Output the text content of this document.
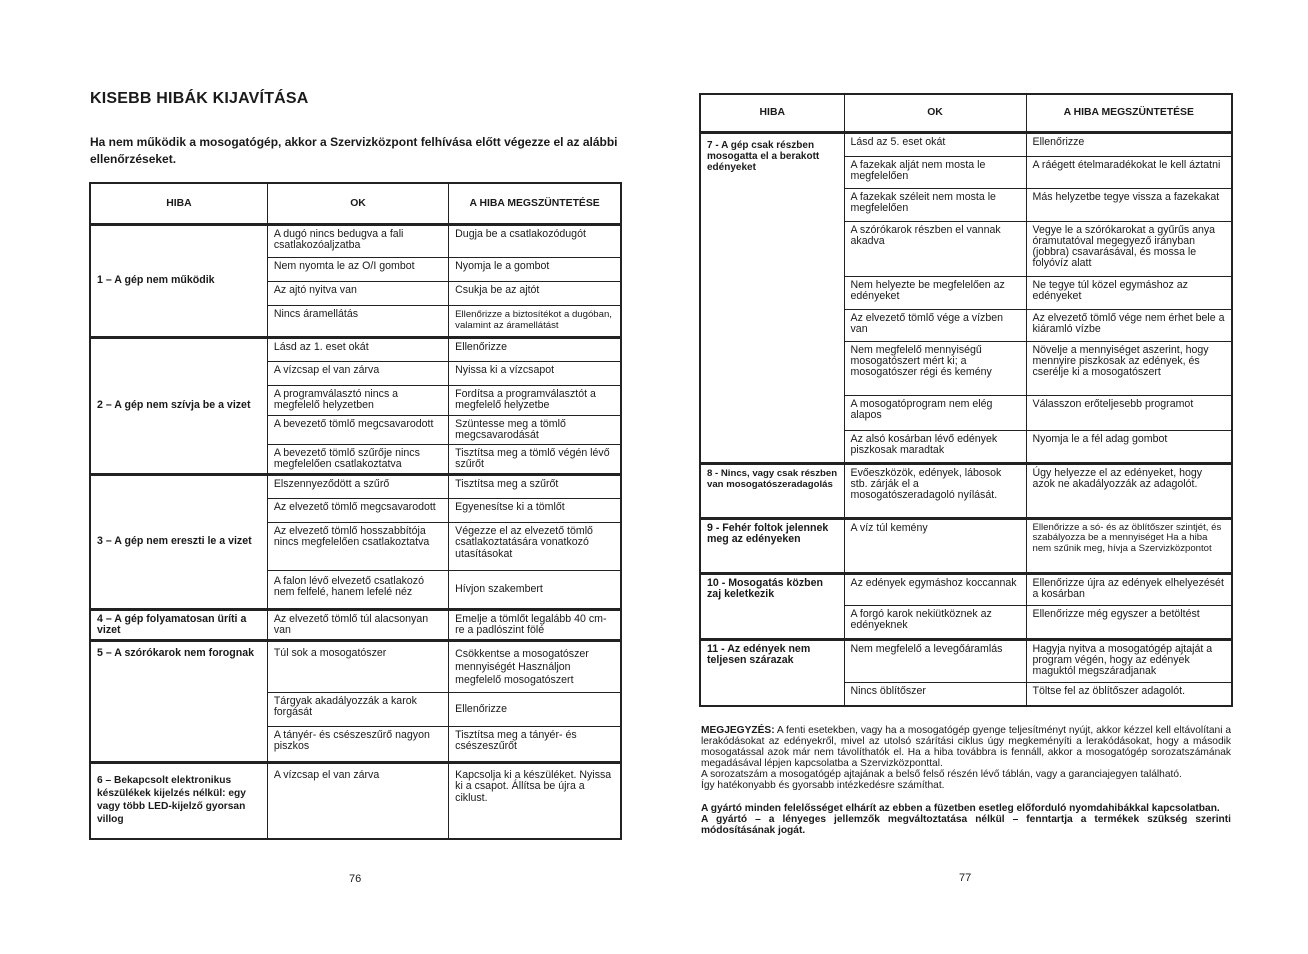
KISEBB HIBÁK KIJAVÍTÁSA

Ha nem működik a mosogatógép, akkor a Szervizközpont felhívása előtt végezze el az alábbi ellenőrzéseket.

HIBA	OK	A HIBA MEGSZÜNTETÉSE
1 – A gép nem működik	A dugó nincs bedugva a fali csatlakozóaljzatba	Dugja be a csatlakozódugót
	Nem nyomta le az O/I gombot	Nyomja le a gombot
	Az ajtó nyitva van	Csukja be az ajtót
	Nincs áramellátás	Ellenőrizze a biztosítékot a dugóban, valamint az áramellátást
2 – A gép nem szívja be a vizet	Lásd az 1. eset okát	Ellenőrizze
	A vízcsap el van zárva	Nyissa ki a vízcsapot
	A programválasztó nincs a megfelelő helyzetben	Fordítsa a programválasztót a megfelelő helyzetbe
	A bevezető tömlő megcsavarodott	Szüntesse meg a tömlő megcsavarodását
	A bevezető tömlő szűrője nincs megfelelően csatlakoztatva	Tisztítsa meg a tömlő végén lévő szűrőt
3 – A gép nem ereszti le a vizet	Elszennyeződött a szűrő	Tisztítsa meg a szűrőt
	Az elvezető tömlő megcsavarodott	Egyenesítse ki a tömlőt
	Az elvezető tömlő hosszabbítója nincs megfelelően csatlakoztatva	Végezze el az elvezető tömlő csatlakoztatására vonatkozó utasításokat
	A falon lévő elvezető csatlakozó nem felfelé, hanem lefelé néz	Hívjon szakembert
4 – A gép folyamatosan üríti a vizet	Az elvezető tömlő túl alacsonyan van	Emelje a tömlőt legalább 40 cm-re a padlószint fölé
5 – A szórókarok nem forognak	Túl sok a mosogatószer	Csökkentse a mosogatószer mennyiségét Használjon megfelelő mosogatószert
	Tárgyak akadályozzák a karok forgását	Ellenőrizze
	A tányér- és csészeszűrő nagyon piszkos	Tisztítsa meg a tányér- és csészeszűrőt
6 – Bekapcsolt elektronikus készülékek kijelzés nélkül: egy vagy több LED-kijelző gyorsan villog	A vízcsap el van zárva	Kapcsolja ki a készüléket. Nyissa ki a csapot. Állítsa be újra a ciklust.
76
HIBA	OK	A HIBA MEGSZÜNTETÉSE
7 - A gép csak részben mosogatta el a berakott edényeket	Lásd az 5. eset okát	Ellenőrizze
	A fazekak alját nem mosta le megfelelően	A ráégett ételmaradékokat le kell áztatni
	A fazekak széleit nem mosta le megfelelően	Más helyzetbe tegye vissza a fazekakat
	A szórókarok részben el vannak akadva	Vegye le a szórókarokat a gyűrűs anya óramutatóval megegyező irányban (jobbra) csavarásával, és mossa le folyóvíz alatt
	Nem helyezte be megfelelően az edényeket	Ne tegye túl közel egymáshoz az edényeket
	Az elvezető tömlő vége a vízben van	Az elvezető tömlő vége nem érhet bele a kiáramló vízbe
	Nem megfelelő mennyiségű mosogatószert mért ki; a mosogatószer régi és kemény	Növelje a mennyiséget aszerint, hogy mennyire piszkosak az edények, és cserélje ki a mosogatószert
	A mosogatóprogram nem elég alapos	Válasszon erőteljesebb programot
	Az alsó kosárban lévő edények piszkosak maradtak	Nyomja le a fél adag gombot
8 - Nincs, vagy csak részben van mosogatószeradagolás	Evőeszközök, edények, lábosok stb. zárják el a mosogatószeradagoló nyílását.	Úgy helyezze el az edényeket, hogy azok ne akadályozzák az adagolót.
9 - Fehér foltok jelennek meg az edényeken	A víz túl kemény	Ellenőrizze a só- és az öblítőszer szintjét, és szabályozza be a mennyiséget Ha a hiba nem szűnik meg, hívja a Szervizközpontot
10 - Mosogatás közben zaj keletkezik	Az edények egymáshoz koccannak	Ellenőrizze újra az edények elhelyezését a kosárban
	A forgó karok nekiütköznek az edényeknek	Ellenőrizze még egyszer a betöltést
11 - Az edények nem teljesen szárazak	Nem megfelelő a levegőáramlás	Hagyja nyitva a mosogatógép ajtaját a program végén, hogy az edények maguktól megszáradjanak
	Nincs öblítőszer	Töltse fel az öblítőszer adagolót.

MEGJEGYZÉS: A fenti esetekben, vagy ha a mosogatógép gyenge teljesítményt nyújt, akkor kézzel kell eltávolítani a lerakódásokat az edényekről, mivel az utolsó szárítási ciklus úgy megkeményíti a lerakódásokat, hogy a második mosogatással azok már nem távolíthatók el. Ha a hiba továbbra is fennáll, akkor a mosogatógép sorozatszámának megadásával lépjen kapcsolatba a Szervizközponttal.

A sorozatszám a mosogatógép ajtajának a belső felső részén lévő táblán, vagy a garanciajegyen található.

Így hatékonyabb és gyorsabb intézkedésre számíthat.

A gyártó minden felelősséget elhárít az ebben a füzetben esetleg előforduló nyomdahibákkal kapcsolatban.

A gyártó – a lényeges jellemzők megváltoztatása nélkül – fenntartja a termékek szükség szerinti módosításának jogát.

77
